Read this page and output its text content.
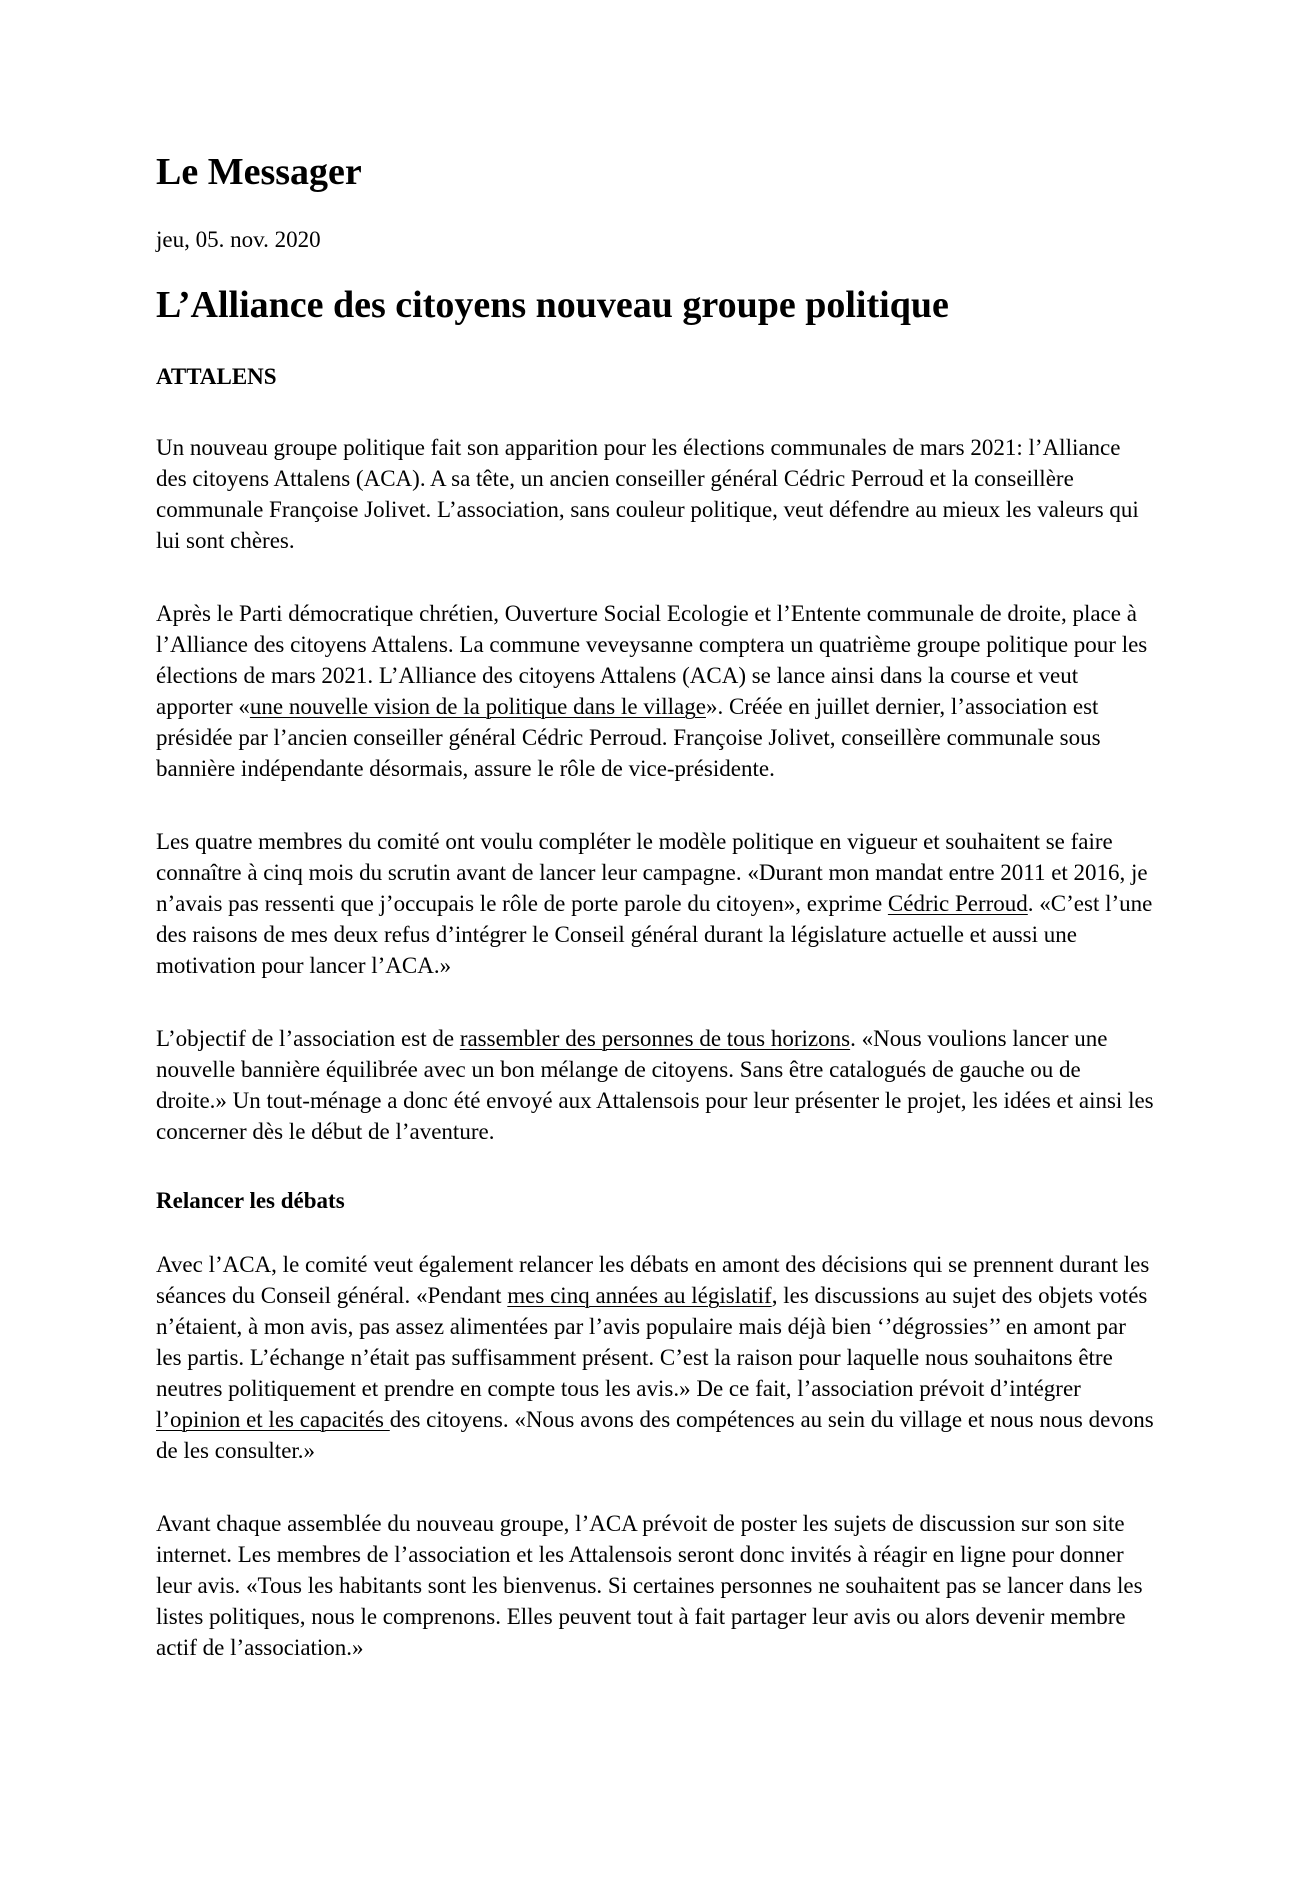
Le Messager
jeu, 05. nov. 2020
L’Alliance des citoyens nouveau groupe politique
ATTALENS

Un nouveau groupe politique fait son apparition pour les élections communales de mars 2021: l’Alliance des citoyens Attalens (ACA). A sa tête, un ancien conseiller général Cédric Perroud et la conseillère communale Françoise Jolivet. L’association, sans couleur politique, veut défendre au mieux les valeurs qui lui sont chères.

Après le Parti démocratique chrétien, Ouverture Social Ecologie et l’Entente communale de droite, place à l’Alliance des citoyens Attalens. La commune veveysanne comptera un quatrième groupe politique pour les élections de mars 2021. L’Alliance des citoyens Attalens (ACA) se lance ainsi dans la course et veut apporter «une nouvelle vision de la politique dans le village». Créée en juillet dernier, l’association est présidée par l’ancien conseiller général Cédric Perroud. Françoise Jolivet, conseillère communale sous bannière indépendante désormais, assure le rôle de vice-présidente.

Les quatre membres du comité ont voulu compléter le modèle politique en vigueur et souhaitent se faire connaître à cinq mois du scrutin avant de lancer leur campagne. «Durant mon mandat entre 2011 et 2016, je n’avais pas ressenti que j’occupais le rôle de porte parole du citoyen», exprime Cédric Perroud. «C’est l’une des raisons de mes deux refus d’intégrer le Conseil général durant la législature actuelle et aussi une motivation pour lancer l’ACA.»

L’objectif de l’association est de rassembler des personnes de tous horizons. «Nous voulions lancer une nouvelle bannière équilibrée avec un bon mélange de citoyens. Sans être catalogués de gauche ou de droite.» Un tout-ménage a donc été envoyé aux Attalensois pour leur présenter le projet, les idées et ainsi les concerner dès le début de l’aventure.

Relancer les débats

Avec l’ACA, le comité veut également relancer les débats en amont des décisions qui se prennent durant les séances du Conseil général. «Pendant mes cinq années au législatif, les discussions au sujet des objets votés n’étaient, à mon avis, pas assez alimentées par l’avis populaire mais déjà bien ‘’dégrossies’’ en amont par les partis. L’échange n’était pas suffisamment présent. C’est la raison pour laquelle nous souhaitons être neutres politiquement et prendre en compte tous les avis.» De ce fait, l’association prévoit d’intégrer l’opinion et les capacités des citoyens. «Nous avons des compétences au sein du village et nous nous devons de les consulter.»

Avant chaque assemblée du nouveau groupe, l’ACA prévoit de poster les sujets de discussion sur son site internet. Les membres de l’association et les Attalensois seront donc invités à réagir en ligne pour donner leur avis. «Tous les habitants sont les bienvenus. Si certaines personnes ne souhaitent pas se lancer dans les listes politiques, nous le comprenons. Elles peuvent tout à fait partager leur avis ou alors devenir membre actif de l’association.»
